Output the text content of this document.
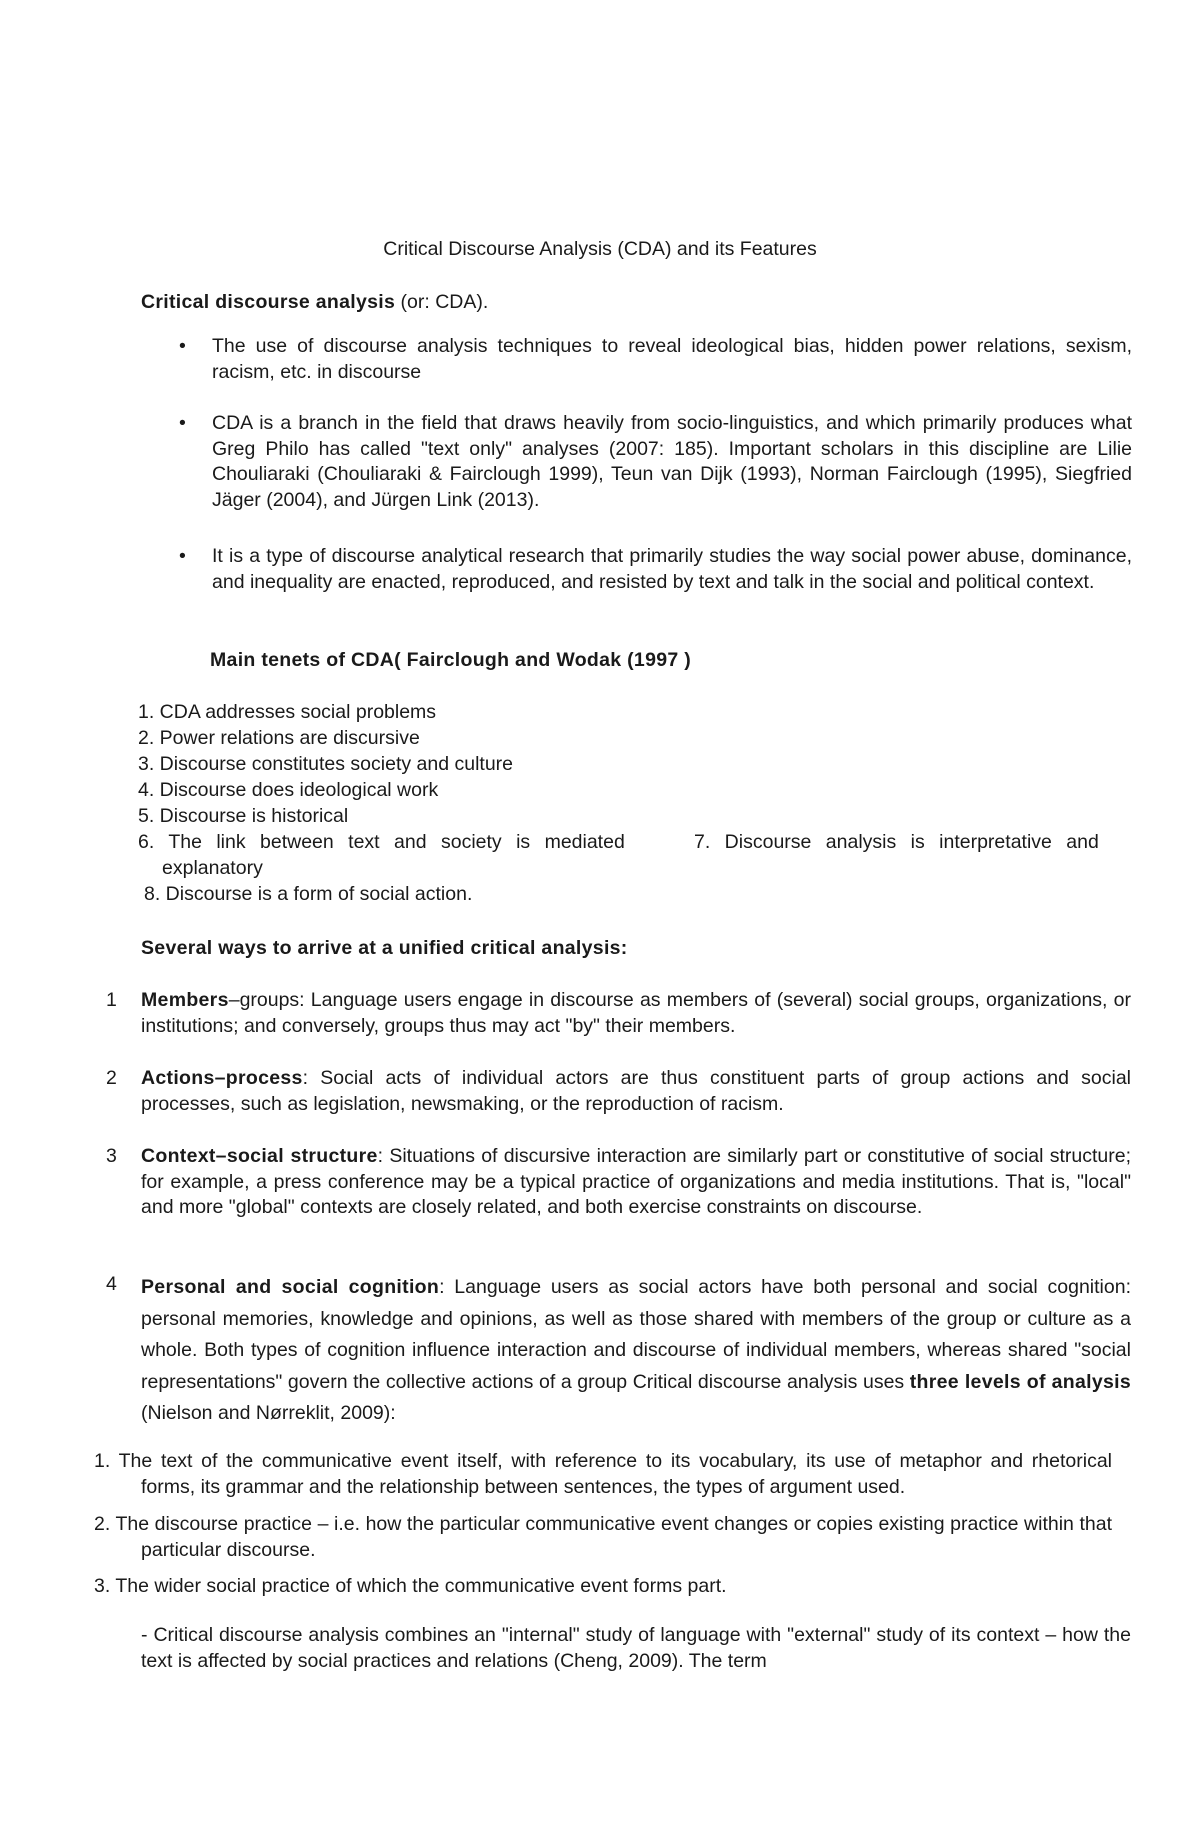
Critical Discourse Analysis (CDA) and its Features
Critical discourse analysis (or: CDA).
• The use of discourse analysis techniques to reveal ideological bias, hidden power relations, sexism, racism, etc. in discourse
• CDA is a branch in the field that draws heavily from socio-linguistics, and which primarily produces what Greg Philo has called "text only" analyses (2007: 185). Important scholars in this discipline are Lilie Chouliaraki (Chouliaraki & Fairclough 1999), Teun van Dijk (1993), Norman Fairclough (1995), Siegfried Jäger (2004), and Jürgen Link (2013).
• It is a type of discourse analytical research that primarily studies the way social power abuse, dominance, and inequality are enacted, reproduced, and resisted by text and talk in the social and political context.
Main tenets of CDA( Fairclough and Wodak (1997 )
1. CDA addresses social problems
2. Power relations are discursive
3. Discourse constitutes society and culture
4. Discourse does ideological work
5. Discourse is historical
6. The link between text and society is mediated	7. Discourse analysis is interpretative and
explanatory
8. Discourse is a form of social action.
Several ways to arrive at a unified critical analysis:
1 Members–groups: Language users engage in discourse as members of (several) social groups, organizations, or institutions; and conversely, groups thus may act "by" their members.
2 Actions–process: Social acts of individual actors are thus constituent parts of group actions and social processes, such as legislation, newsmaking, or the reproduction of racism.
3 Context–social structure: Situations of discursive interaction are similarly part or constitutive of social structure; for example, a press conference may be a typical practice of organizations and media institutions. That is, "local" and more "global" contexts are closely related, and both exercise constraints on discourse.
4 Personal and social cognition: Language users as social actors have both personal and social cognition: personal memories, knowledge and opinions, as well as those shared with members of the group or culture as a whole. Both types of cognition influence interaction and discourse of individual members, whereas shared "social representations" govern the collective actions of a group Critical discourse analysis uses three levels of analysis (Nielson and Nørreklit, 2009):
1. The text of the communicative event itself, with reference to its vocabulary, its use of metaphor and rhetorical forms, its grammar and the relationship between sentences, the types of argument used.
2. The discourse practice – i.e. how the particular communicative event changes or copies existing practice within that particular discourse.
3. The wider social practice of which the communicative event forms part.
- Critical discourse analysis combines an "internal" study of language with "external" study of its context – how the text is affected by social practices and relations (Cheng, 2009). The term
